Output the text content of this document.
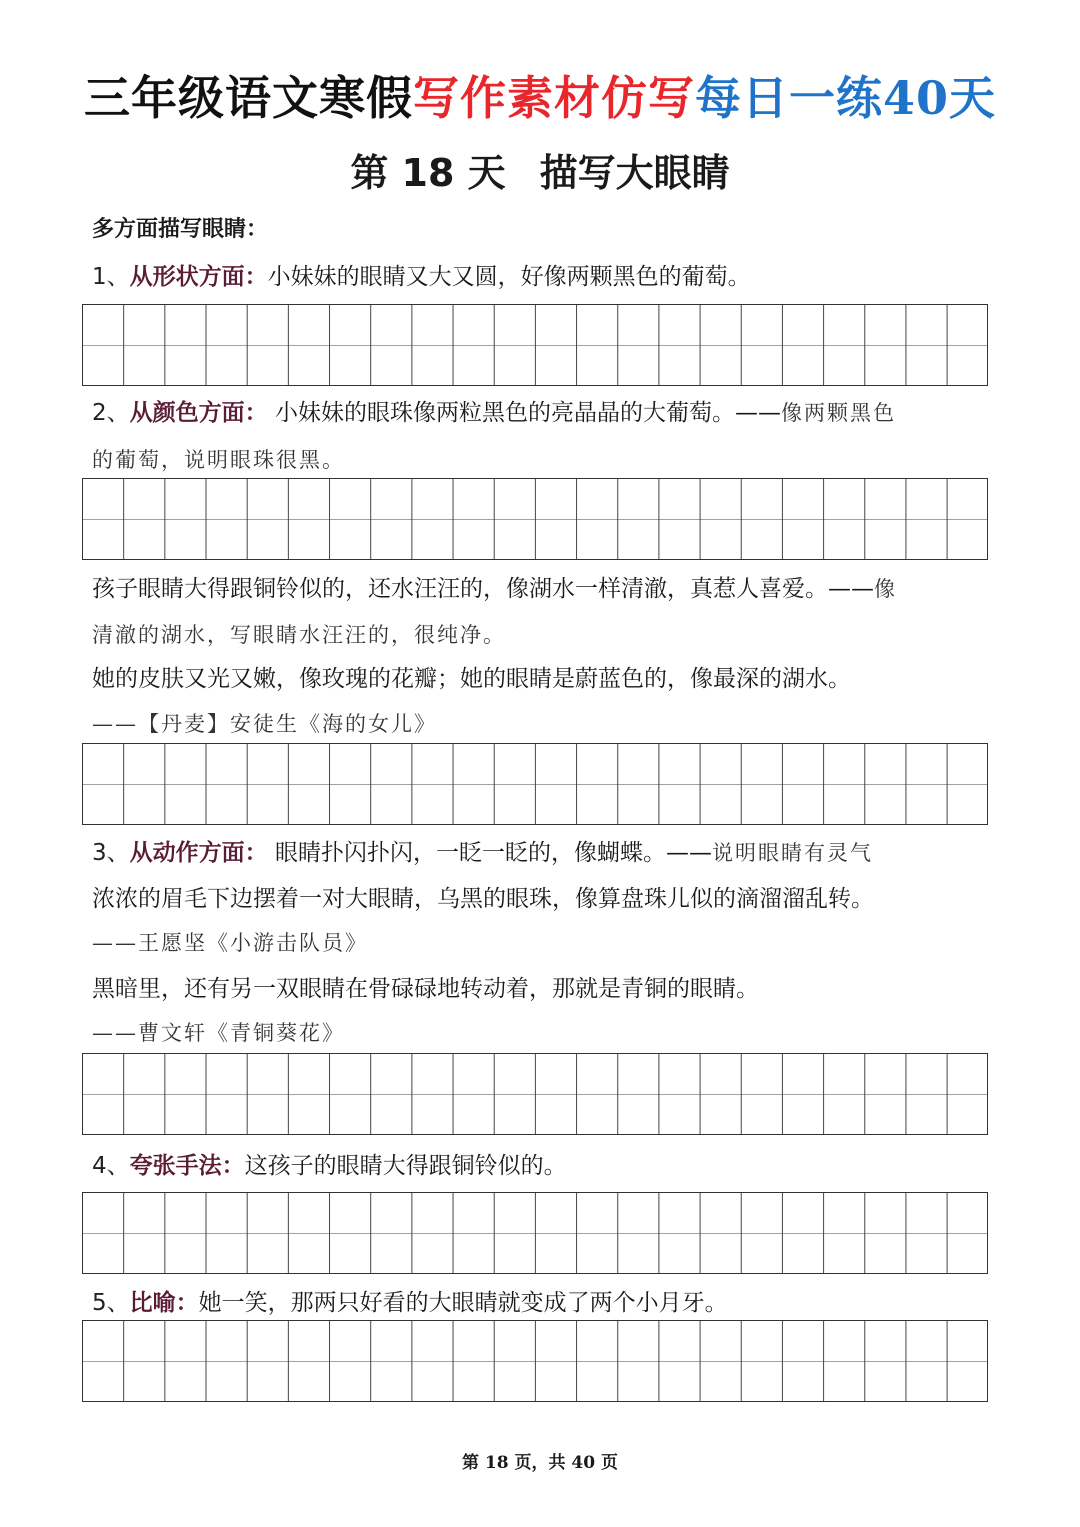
三年级语文寒假写作素材仿写每日一练40天
第 18 天 描写大眼睛
多方面描写眼睛：
1、从形状方面：小妹妹的眼睛又大又圆，好像两颗黑色的葡萄。
2、从颜色方面： 小妹妹的眼珠像两粒黑色的亮晶晶的大葡萄。——像两颗黑色
的葡萄，说明眼珠很黑。
孩子眼睛大得跟铜铃似的，还水汪汪的，像湖水一样清澈，真惹人喜爱。——像
清澈的湖水，写眼睛水汪汪的，很纯净。
她的皮肤又光又嫩，像玫瑰的花瓣；她的眼睛是蔚蓝色的，像最深的湖水。
——【丹麦】安徒生《海的女儿》
3、从动作方面： 眼睛扑闪扑闪，一眨一眨的，像蝴蝶。——说明眼睛有灵气
浓浓的眉毛下边摆着一对大眼睛，乌黑的眼珠，像算盘珠儿似的滴溜溜乱转。
——王愿坚《小游击队员》
黑暗里，还有另一双眼睛在骨碌碌地转动着，那就是青铜的眼睛。
——曹文轩《青铜葵花》
4、夸张手法：这孩子的眼睛大得跟铜铃似的。
5、比喻：她一笑，那两只好看的大眼睛就变成了两个小月牙。
第 18 页，共 40 页
